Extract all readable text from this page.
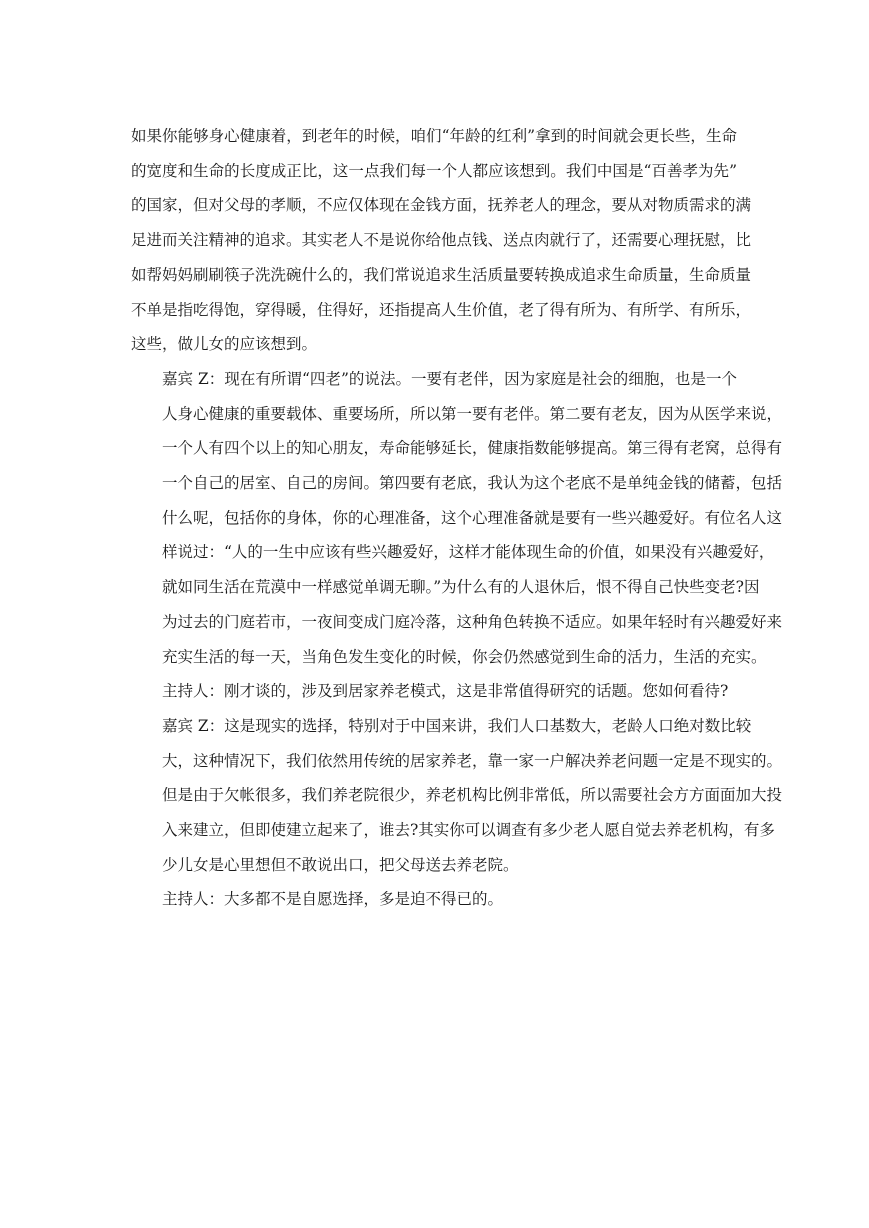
如果你能够身心健康着，到老年的时候，咱们“年龄的红利”拿到的时间就会更长些，生命
的宽度和生命的长度成正比，这一点我们每一个人都应该想到。我们中国是“百善孝为先”
的国家，但对父母的孝顺，不应仅体现在金钱方面，抚养老人的理念，要从对物质需求的满
足进而关注精神的追求。其实老人不是说你给他点钱、送点肉就行了，还需要心理抚慰，比
如帮妈妈刷刷筷子洗洗碗什么的，我们常说追求生活质量要转换成追求生命质量，生命质量
不单是指吃得饱，穿得暖，住得好，还指提高人生价值，老了得有所为、有所学、有所乐，
这些，做儿女的应该想到。

嘉宾 Z：现在有所谓“四老”的说法。一要有老伴，因为家庭是社会的细胞，也是一个
人身心健康的重要载体、重要场所，所以第一要有老伴。第二要有老友，因为从医学来说，
一个人有四个以上的知心朋友，寿命能够延长，健康指数能够提高。第三得有老窝，总得有
一个自己的居室、自己的房间。第四要有老底，我认为这个老底不是单纯金钱的储蓄，包括
什么呢，包括你的身体，你的心理准备，这个心理准备就是要有一些兴趣爱好。有位名人这
样说过：“人的一生中应该有些兴趣爱好，这样才能体现生命的价值，如果没有兴趣爱好，
就如同生活在荒漠中一样感觉单调无聊。”为什么有的人退休后，恨不得自己快些变老?因
为过去的门庭若市，一夜间变成门庭冷落，这种角色转换不适应。如果年轻时有兴趣爱好来
充实生活的每一天，当角色发生变化的时候，你会仍然感觉到生命的活力，生活的充实。

主持人：刚才谈的，涉及到居家养老模式，这是非常值得研究的话题。您如何看待?

嘉宾 Z：这是现实的选择，特别对于中国来讲，我们人口基数大，老龄人口绝对数比较
大，这种情况下，我们依然用传统的居家养老，靠一家一户解决养老问题一定是不现实的。
但是由于欠帐很多，我们养老院很少，养老机构比例非常低，所以需要社会方方面面加大投
入来建立，但即使建立起来了，谁去?其实你可以调查有多少老人愿自觉去养老机构，有多
少儿女是心里想但不敢说出口，把父母送去养老院。

主持人：大多都不是自愿选择，多是迫不得已的。
